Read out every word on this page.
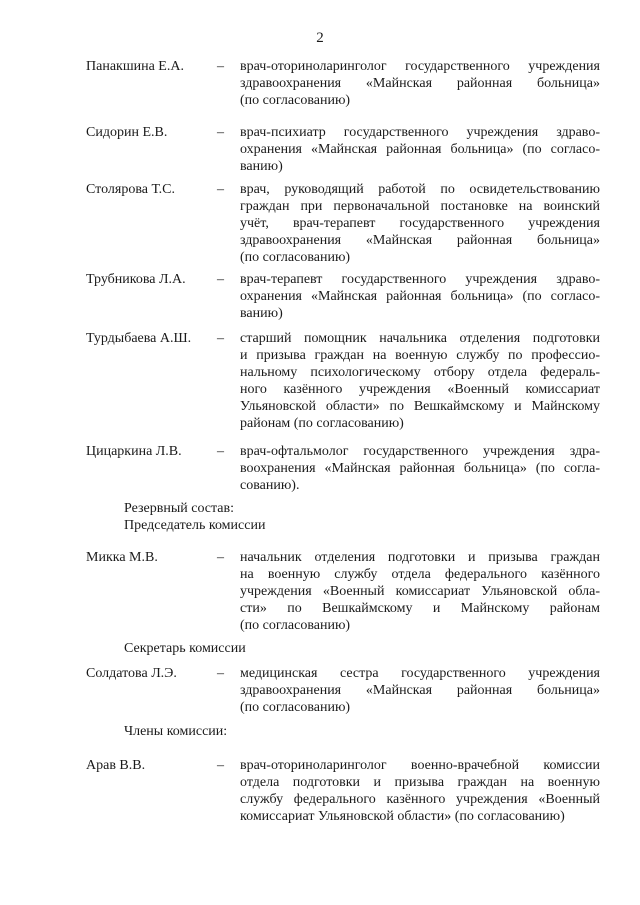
2
Панакшина Е.А. – врач-оториноларинголог государственного учреждения
здравоохранения «Майнская районная больница»
(по согласованию)
Сидорин Е.В.	– врач-психиатр государственного учреждения здраво-
охранения «Майнская районная больница» (по согласо-
ванию)
Столярова Т.С.	– врач, руководящий работой по освидетельствованию
граждан при первоначальной постановке на воинский
учёт, врач-терапевт государственного учреждения
здравоохранения «Майнская районная больница»
(по согласованию)
Трубникова Л.А. – врач-терапевт государственного учреждения здраво-
охранения «Майнская районная больница» (по согласо-
ванию)
Турдыбаева А.Ш. – старший помощник начальника отделения подготовки
и призыва граждан на военную службу по профессио-
нальному психологическому отбору отдела федераль-
ного казённого учреждения «Военный комиссариат
Ульяновской области» по Вешкаймскому и Майнскому
районам (по согласованию)
Цицаркина Л.В.	– врач-офтальмолог государственного учреждения здра-
воохранения «Майнская районная больница» (по согла-
сованию).
Микка М.В.	– начальник отделения подготовки и призыва граждан
на военную службу отдела федерального казённого
учреждения «Военный комиссариат Ульяновской обла-
сти» по Вешкаймскому и Майнскому районам
(по согласованию)
Солдатова Л.Э.	– медицинская сестра государственного учреждения
здравоохранения «Майнская районная больница»
(по согласованию)
Арав В.В.	– врач-оториноларинголог военно-врачебной комиссии
отдела подготовки и призыва граждан на военную
службу федерального казённого учреждения «Военный
комиссариат Ульяновской области» (по согласованию)
Резервный состав:
Председатель комиссии
Секретарь комиссии
Члены комиссии:
